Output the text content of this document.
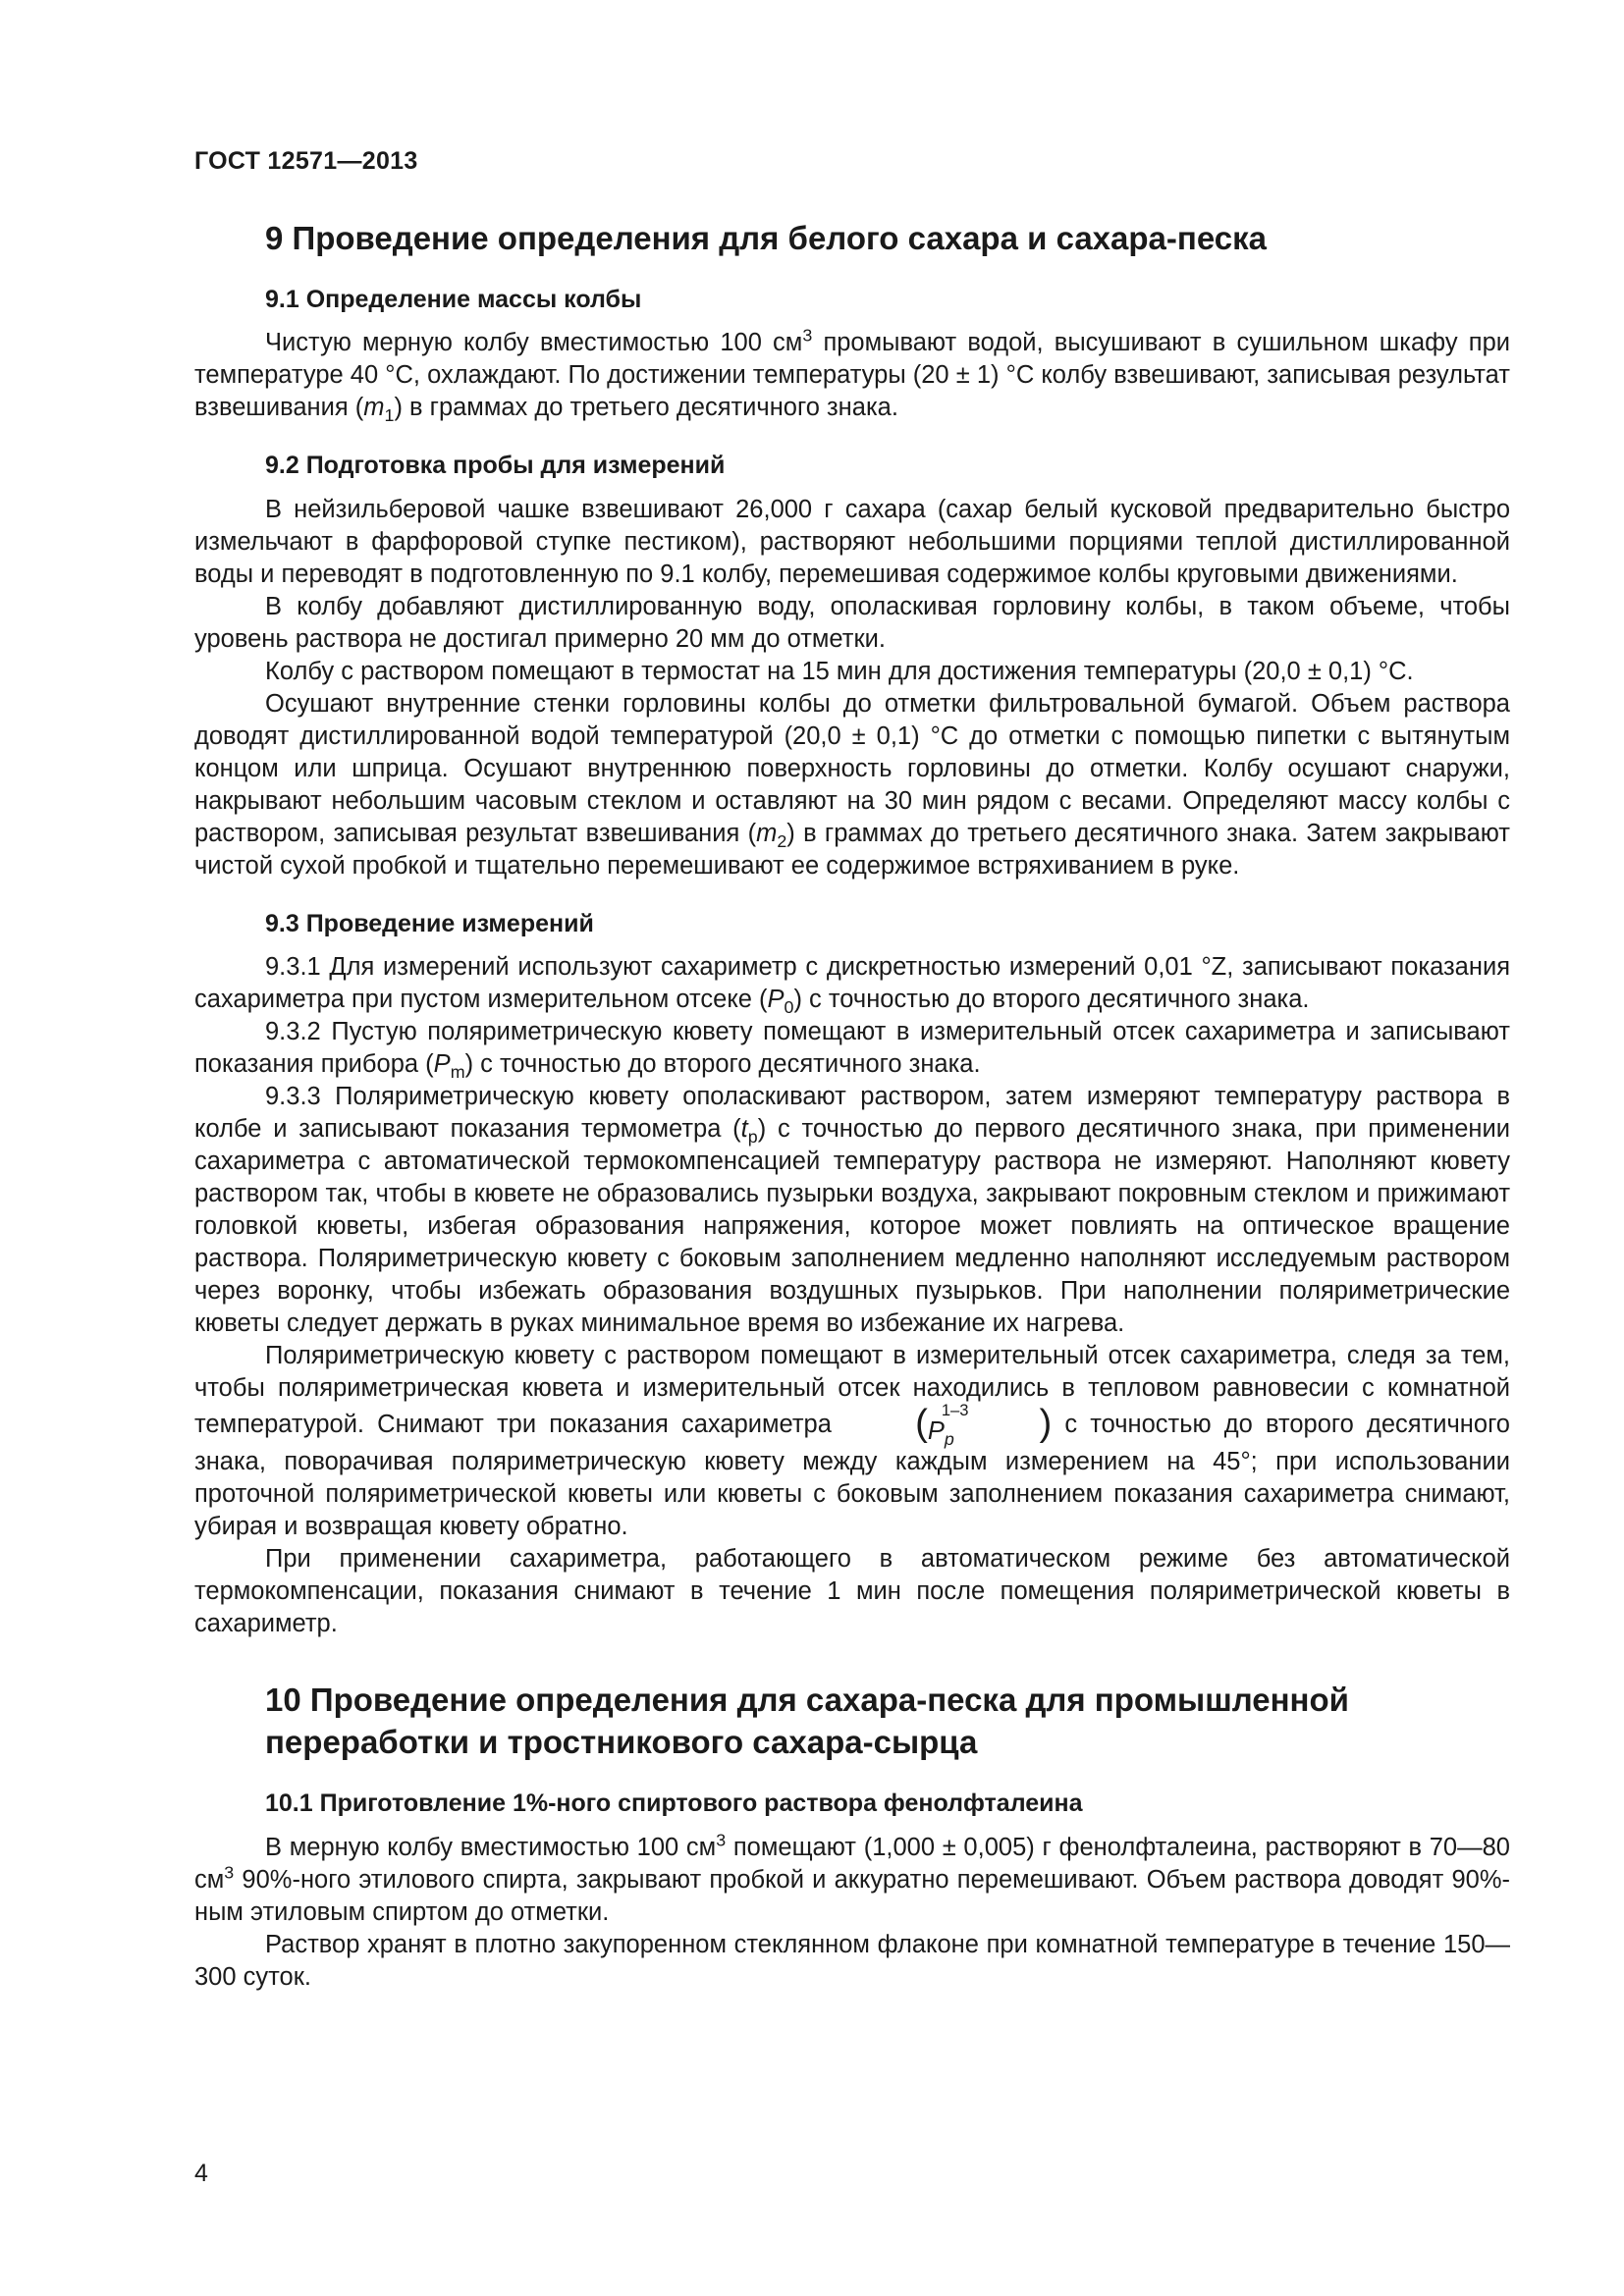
ГОСТ 12571—2013
9 Проведение определения для белого сахара и сахара-песка
9.1 Определение массы колбы

Чистую мерную колбу вместимостью 100 $см^3$ промывают водой, высушивают в сушильном шкафу при температуре 40 °С, охлаждают. По достижении температуры (20 ± 1) °С колбу взвешивают, записывая результат взвешивания $(m_1)$ в граммах до третьего десятичного знака.

9.2 Подготовка пробы для измерений

В нейзильберовой чашке взвешивают 26,000 г сахара (сахар белый кусковой предварительно быстро измельчают в фарфоровой ступке пестиком), растворяют небольшими порциями теплой дистиллированной воды и переводят в подготовленную по 9.1 колбу, перемешивая содержимое колбы круговыми движениями.

В колбу добавляют дистиллированную воду, ополаскивая горловину колбы, в таком объеме, чтобы уровень раствора не достигал примерно 20 мм до отметки.

Колбу с раствором помещают в термостат на 15 мин для достижения температуры (20,0 ± 0,1) °С.

Осушают внутренние стенки горловины колбы до отметки фильтровальной бумагой. Объем раствора доводят дистиллированной водой температурой (20,0 ± 0,1) °С до отметки с помощью пипетки с вытянутым концом или шприца. Осушают внутреннюю поверхность горловины до отметки. Колбу осушают снаружи, накрывают небольшим часовым стеклом и оставляют на 30 мин рядом с весами. Определяют массу колбы с раствором, записывая результат взвешивания $(m_2)$ в граммах до третьего десятичного знака. Затем закрывают чистой сухой пробкой и тщательно перемешивают ее содержимое встряхиванием в руке.

9.3 Проведение измерений

9.3.1 Для измерений используют сахариметр с дискретностью измерений 0,01 °Z, записывают показания сахариметра при пустом измерительном отсеке $(P_0)$ с точностью до второго десятичного знака.

9.3.2 Пустую поляриметрическую кювету помещают в измерительный отсек сахариметра и записывают показания прибора $(P_m)$ с точностью до второго десятичного знака.

9.3.3 Поляриметрическую кювету ополаскивают раствором, затем измеряют температуру раствора в колбе и записывают показания термометра $(t_p)$ с точностью до первого десятичного знака, при применении сахариметра с автоматической термокомпенсацией температуру раствора не измеряют. Наполняют кювету раствором так, чтобы в кювете не образовались пузырьки воздуха, закрывают покровным стеклом и прижимают головкой кюветы, избегая образования напряжения, которое может повлиять на оптическое вращение раствора. Поляриметрическую кювету с боковым заполнением медленно наполняют исследуемым раствором через воронку, чтобы избежать образования воздушных пузырьков. При наполнении поляриметрические кюветы следует держать в руках минимальное время во избежание их нагрева.

Поляриметрическую кювету с раствором помещают в измерительный отсек сахариметра, следя за тем, чтобы поляриметрическая кювета и измерительный отсек находились в тепловом равновесии с комнатной температурой. Снимают три показания сахариметра ( 1–3
$P_p$	) с точностью до второго десятичного знака, поворачивая поляриметрическую кювету между каждым измерением на 45°; при использовании проточной поляриметрической кюветы или кюветы с боковым заполнением показания сахариметра снимают, убирая и возвращая кювету обратно.

При применении сахариметра, работающего в автоматическом режиме без автоматической термокомпенсации, показания снимают в течение 1 мин после помещения поляриметрической кюветы в сахариметр.

10 Проведение определения для сахара-песка для промышленной
переработки и тростникового сахара-сырца
10.1 Приготовление 1%-ного спиртового раствора фенолфталеина

В мерную колбу вместимостью 100 $см^3$ помещают (1,000 ± 0,005) г фенолфталеина, растворяют в 70—80 $см^3$ 90%-ного этилового спирта, закрывают пробкой и аккуратно перемешивают. Объем раствора доводят 90%-ным этиловым спиртом до отметки.

Раствор хранят в плотно закупоренном стеклянном флаконе при комнатной температуре в течение 150—300 суток.

4
